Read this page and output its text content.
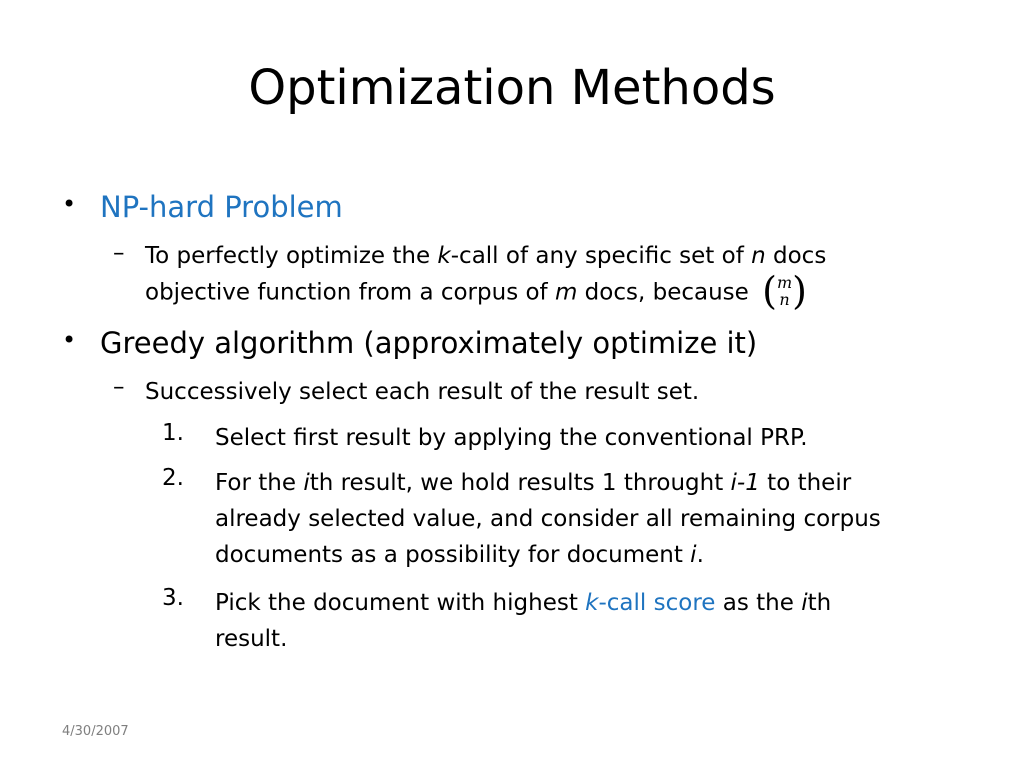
Optimization Methods
• NP-hard Problem
– To perfectly optimize the k-call of any specific set of n docs
objective function from a corpus of m docs, because (m
n)
• Greedy algorithm (approximately optimize it)
– Successively select each result of the result set.
1. Select first result by applying the conventional PRP.
2. For the ith result, we hold results 1 throught i-1 to their
already selected value, and consider all remaining corpus
documents as a possibility for document i.
3. Pick the document with highest k-call score as the ith
result.
4/30/2007
